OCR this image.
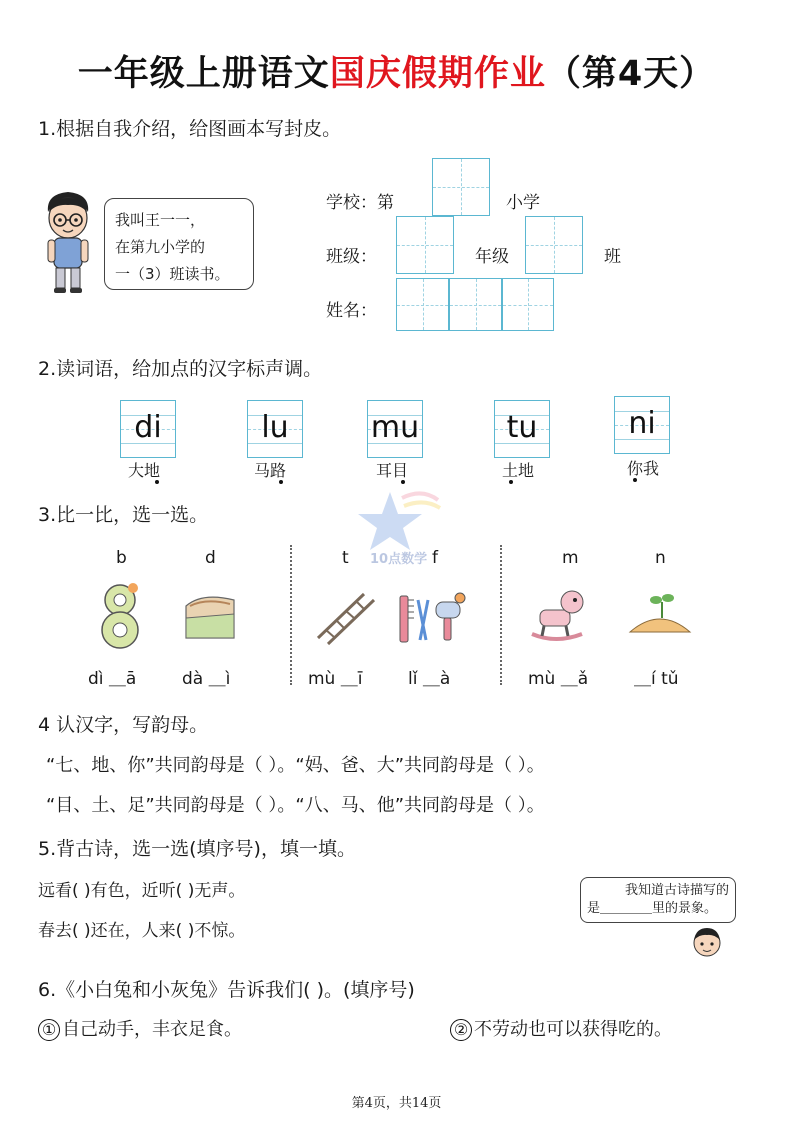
一年级上册语文国庆假期作业（第4天）
1.根据自我介绍，给图画本写封皮。
我叫王一一，
在第九小学的
一（3）班读书。
学校：第	小学
班级：	年级	班
姓名：
2.读词语，给加点的汉字标声调。
di	lu	mu	tu	ni
大地	马路	耳目	土地	你我
3.比一比，选一选。
10点数学
b	d	t	f	m	n
dì ＿ā	dà ＿ì	mù ＿ī	lǐ ＿à	mù ＿ǎ	＿í tǔ
4 认汉字，写韵母。
“七、地、你”共同韵母是（ ）。“妈、爸、大”共同韵母是（ ）。
“目、土、足”共同韵母是（ ）。“八、马、他”共同韵母是（ ）。
5.背古诗，选一选(填序号)，填一填。
远看( )有色，近听( )无声。
春去( )还在，人来( )不惊。
我知道古诗描写的
是＿＿＿＿里的景象。
6.《小白兔和小灰兔》告诉我们( )。(填序号)
① 自己动手，丰衣足食。	② 不劳动也可以获得吃的。
第4页，共14页
